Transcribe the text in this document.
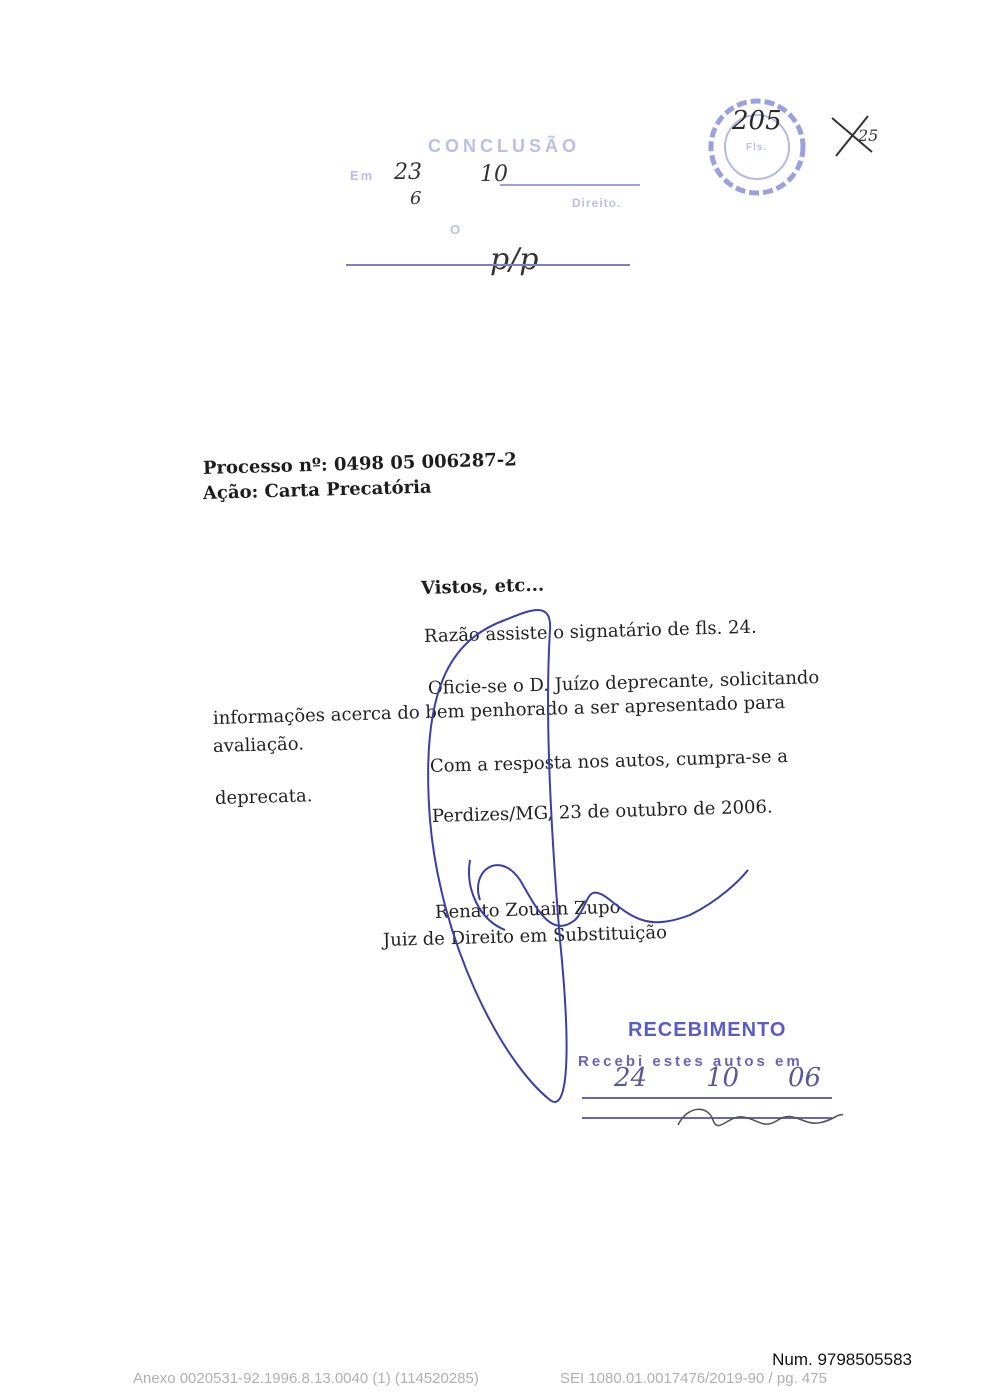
CONCLUSÃO
Em 23	10
6	Direito.
O
p/p
205
Fls.
25
Processo nº: 0498 05 006287-2
Ação: Carta Precatória
Vistos, etc...
Razão assiste o signatário de fls. 24.
Oficie-se o D. Juízo deprecante, solicitando
informações acerca do bem penhorado a ser apresentado para
avaliação.
Com a resposta nos autos, cumpra-se a
deprecata.	Perdizes/MG, 23 de outubro de 2006.
Renato Zouain Zupo
Juiz de Direito em Substituição
RECEBIMENTO
Recebi estes autos em
24 10 06
Num. 9798505583
Anexo 0020531-92.1996.8.13.0040 (1) (114520285)	SEI 1080.01.0017476/2019-90 / pg. 475
